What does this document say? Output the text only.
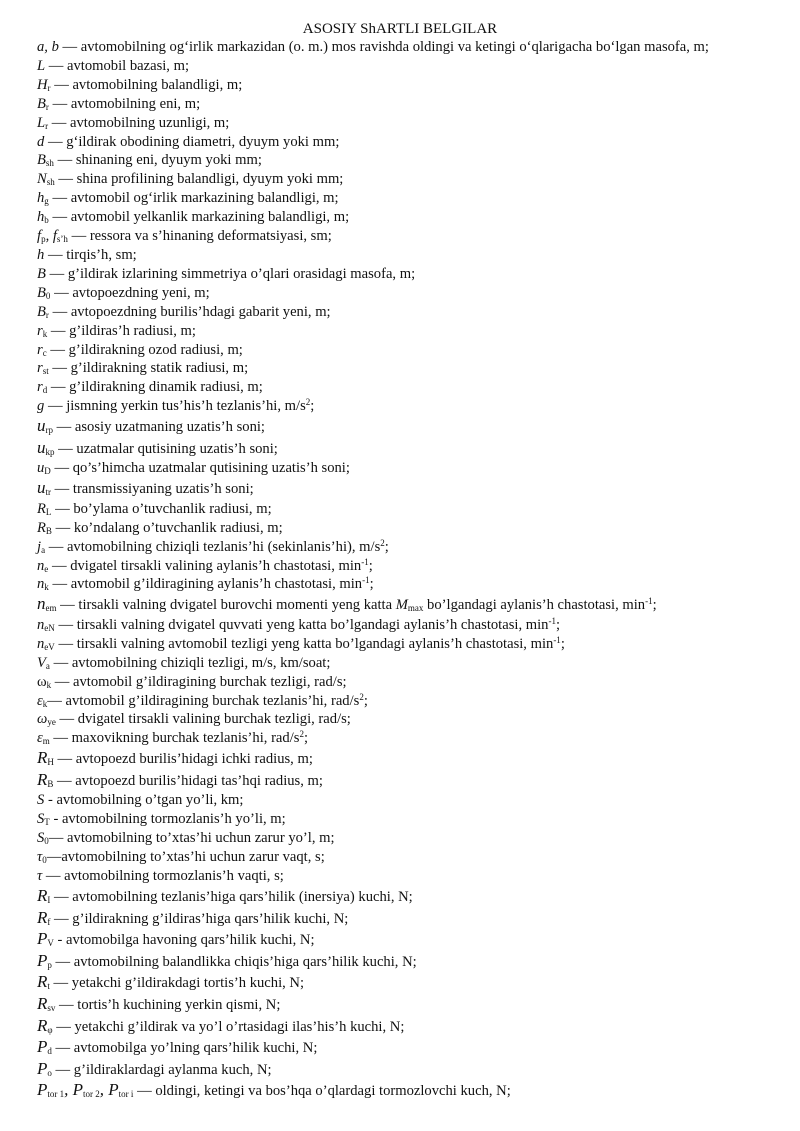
ASOSIY ShARTLI BELGILAR
a, b — avtomobilning og‘irlik markazidan (o. m.) mos ravishda oldingi va ketingi o‘qlarigacha bo‘lgan masofa, m;
L — avtomobil bazasi, m;
$H_r$ — avtomobilning balandligi, m;
$B_r$ — avtomobilning eni, m;
$L_r$ — avtomobilning uzunligi, m;
d — g‘ildirak obodining diametri, dyuym yoki mm;
$B_{sh}$ — shinaning eni, dyuym yoki mm;
$N_{sh}$ — shina profilining balandligi, dyuym yoki mm;
$h_g$ — avtomobil og‘irlik markazining balandligi, m;
$h_b$ — avtomobil yelkanlik markazining balandligi, m;
$f_p$, $f_{s’h}$ — ressora va s’hinaning deformatsiyasi, sm;
h — tirqis’h, sm;
B — g’ildirak izlarining simmetriya o’qlari orasidagi masofa, m;
$B_0$ — avtopoezdning yeni, m;
$B_r$ — avtopoezdning burilis’hdagi gabarit yeni, m;
$r_k$ — g’ildiras’h radiusi, m;
$r_c$ — g’ildirakning ozod radiusi, m;
$r_{st}$ — g’ildirakning statik radiusi, m;
$r_d$ — g’ildirakning dinamik radiusi, m;
g — jismning yerkin tus’his’h tezlanis’hi, $m/s^2$;
$u_{rp}$ — asosiy uzatmaning uzatis’h soni;
$u_{kp}$ — uzatmalar qutisining uzatis’h soni;
$u_D$ — qo’s’himcha uzatmalar qutisining uzatis’h soni;
$u_{tr}$ — transmissiyaning uzatis’h soni;
$R_L$ — bo’ylama o’tuvchanlik radiusi, m;
$R_B$ — ko’ndalang o’tuvchanlik radiusi, m;
$j_a$ — avtomobilning chiziqli tezlanis’hi (sekinlanis’hi), $m/s^2$;
$n_e$ — dvigatel tirsakli valining aylanis’h chastotasi, $\min^{-1}$;
$n_k$ — avtomobil g’ildiragining aylanis’h chastotasi, $\min^{-1}$;
$n_{em}$ — tirsakli valning dvigatel burovchi momenti yeng katta $M_{max}$ bo’lgandagi aylanis’h chastotasi, $\min^{-1}$;
$n_{eN}$ — tirsakli valning dvigatel quvvati yeng katta bo’lgandagi aylanis’h chastotasi, $\min^{-1}$;
$n_{eV}$ — tirsakli valning avtomobil tezligi yeng katta bo’lgandagi aylanis’h chastotasi, $\min^{-1}$;
$V_a$ — avtomobilning chiziqli tezligi, m/s, km/soat;
$\omega_k$ — avtomobil g’ildiragining burchak tezligi, rad/s;
$\varepsilon_k—$ avtomobil g’ildiragining burchak tezlanis’hi, rad/$s^2$;
$\omega_{ye}$ — dvigatel tirsakli valining burchak tezligi, rad/s;
$\varepsilon_m$ — maxovikning burchak tezlanis’hi, rad/$s^2$;
$R_H$ — avtopoezd burilis’hidagi ichki radius, m;
$R_B$ — avtopoezd burilis’hidagi tas’hqi radius, m;
S - avtomobilning o’tgan yo’li, km;
$S_T$ - avtomobilning tormozlanis’h yo’li, m;
$S_0—$ avtomobilning to’xtas’hi uchun zarur yo’l, m;
$\tau_0—avtomobilning$ to’xtas’hi uchun zarur vaqt, s;
τ — avtomobilning tormozlanis’h vaqti, s;
$R_I$ — avtomobilning tezlanis’higa qars’hilik (inersiya) kuchi, N;
$R_f$ — g’ildirakning g’ildiras’higa qars’hilik kuchi, N;
$P_V$ - avtomobilga havoning qars’hilik kuchi, N;
$P_p$ — avtomobilning balandlikka chiqis’higa qars’hilik kuchi, N;
$R_t$ — yetakchi g’ildirakdagi tortis’h kuchi, N;
$R_{sv}$ — tortis’h kuchining yerkin qismi, N;
$R_\varphi$ — yetakchi g’ildirak va yo’l o’rtasidagi ilas’his’h kuchi, N;
$P_d$ — avtomobilga yo’lning qars’hilik kuchi, N;
$P_o$ — g’ildiraklardagi aylanma kuch, N;
$P_{tor 1}$, $P_{tor 2}$, $P_{tor i}$ — oldingi, ketingi va bos’hqa o’qlardagi tormozlovchi kuch, N;
